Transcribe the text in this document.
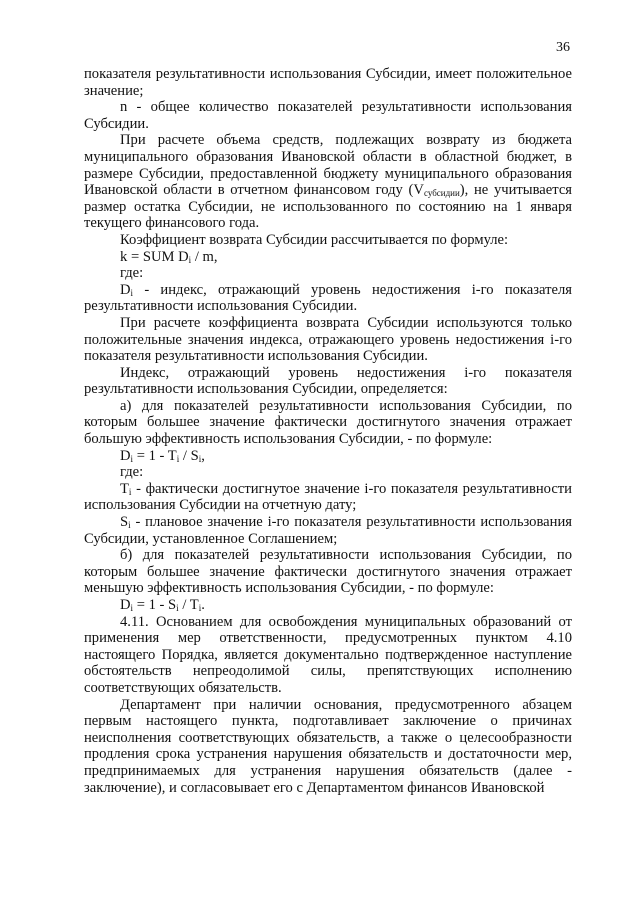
36

показателя результативности использования Субсидии, имеет положительное значение;

n - общее количество показателей результативности использования Субсидии.

При расчете объема средств, подлежащих возврату из бюджета муниципального образования Ивановской области в областной бюджет, в размере Субсидии, предоставленной бюджету муниципального образования Ивановской области в отчетном финансовом году $(V_{субсидии})$, не учитывается размер остатка Субсидии, не использованного по состоянию на 1 января текущего финансового года.

Коэффициент возврата Субсидии рассчитывается по формуле:

k = SUM $D_i$ / m,

где:

$D_i$ - индекс, отражающий уровень недостижения i-го показателя результативности использования Субсидии.

При расчете коэффициента возврата Субсидии используются только положительные значения индекса, отражающего уровень недостижения i-го показателя результативности использования Субсидии.

Индекс, отражающий уровень недостижения i-го показателя результативности использования Субсидии, определяется:

а) для показателей результативности использования Субсидии, по которым большее значение фактически достигнутого значения отражает большую эффективность использования Субсидии, - по формуле:

$D_i = 1 - T_i / S_i$,

где:

$T_i$ - фактически достигнутое значение i-го показателя результативности использования Субсидии на отчетную дату;

$S_i$ - плановое значение i-го показателя результативности использования Субсидии, установленное Соглашением;

б) для показателей результативности использования Субсидии, по которым большее значение фактически достигнутого значения отражает меньшую эффективность использования Субсидии, - по формуле:

$D_i = 1 - S_i / T_i$.

4.11. Основанием для освобождения муниципальных образований от применения мер ответственности, предусмотренных пунктом 4.10 настоящего Порядка, является документально подтвержденное наступление обстоятельств непреодолимой силы, препятствующих исполнению соответствующих обязательств.

Департамент при наличии основания, предусмотренного абзацем первым настоящего пункта, подготавливает заключение о причинах неисполнения соответствующих обязательств, а также о целесообразности продления срока устранения нарушения обязательств и достаточности мер, предпринимаемых для устранения нарушения обязательств (далее - заключение), и согласовывает его с Департаментом финансов Ивановской
